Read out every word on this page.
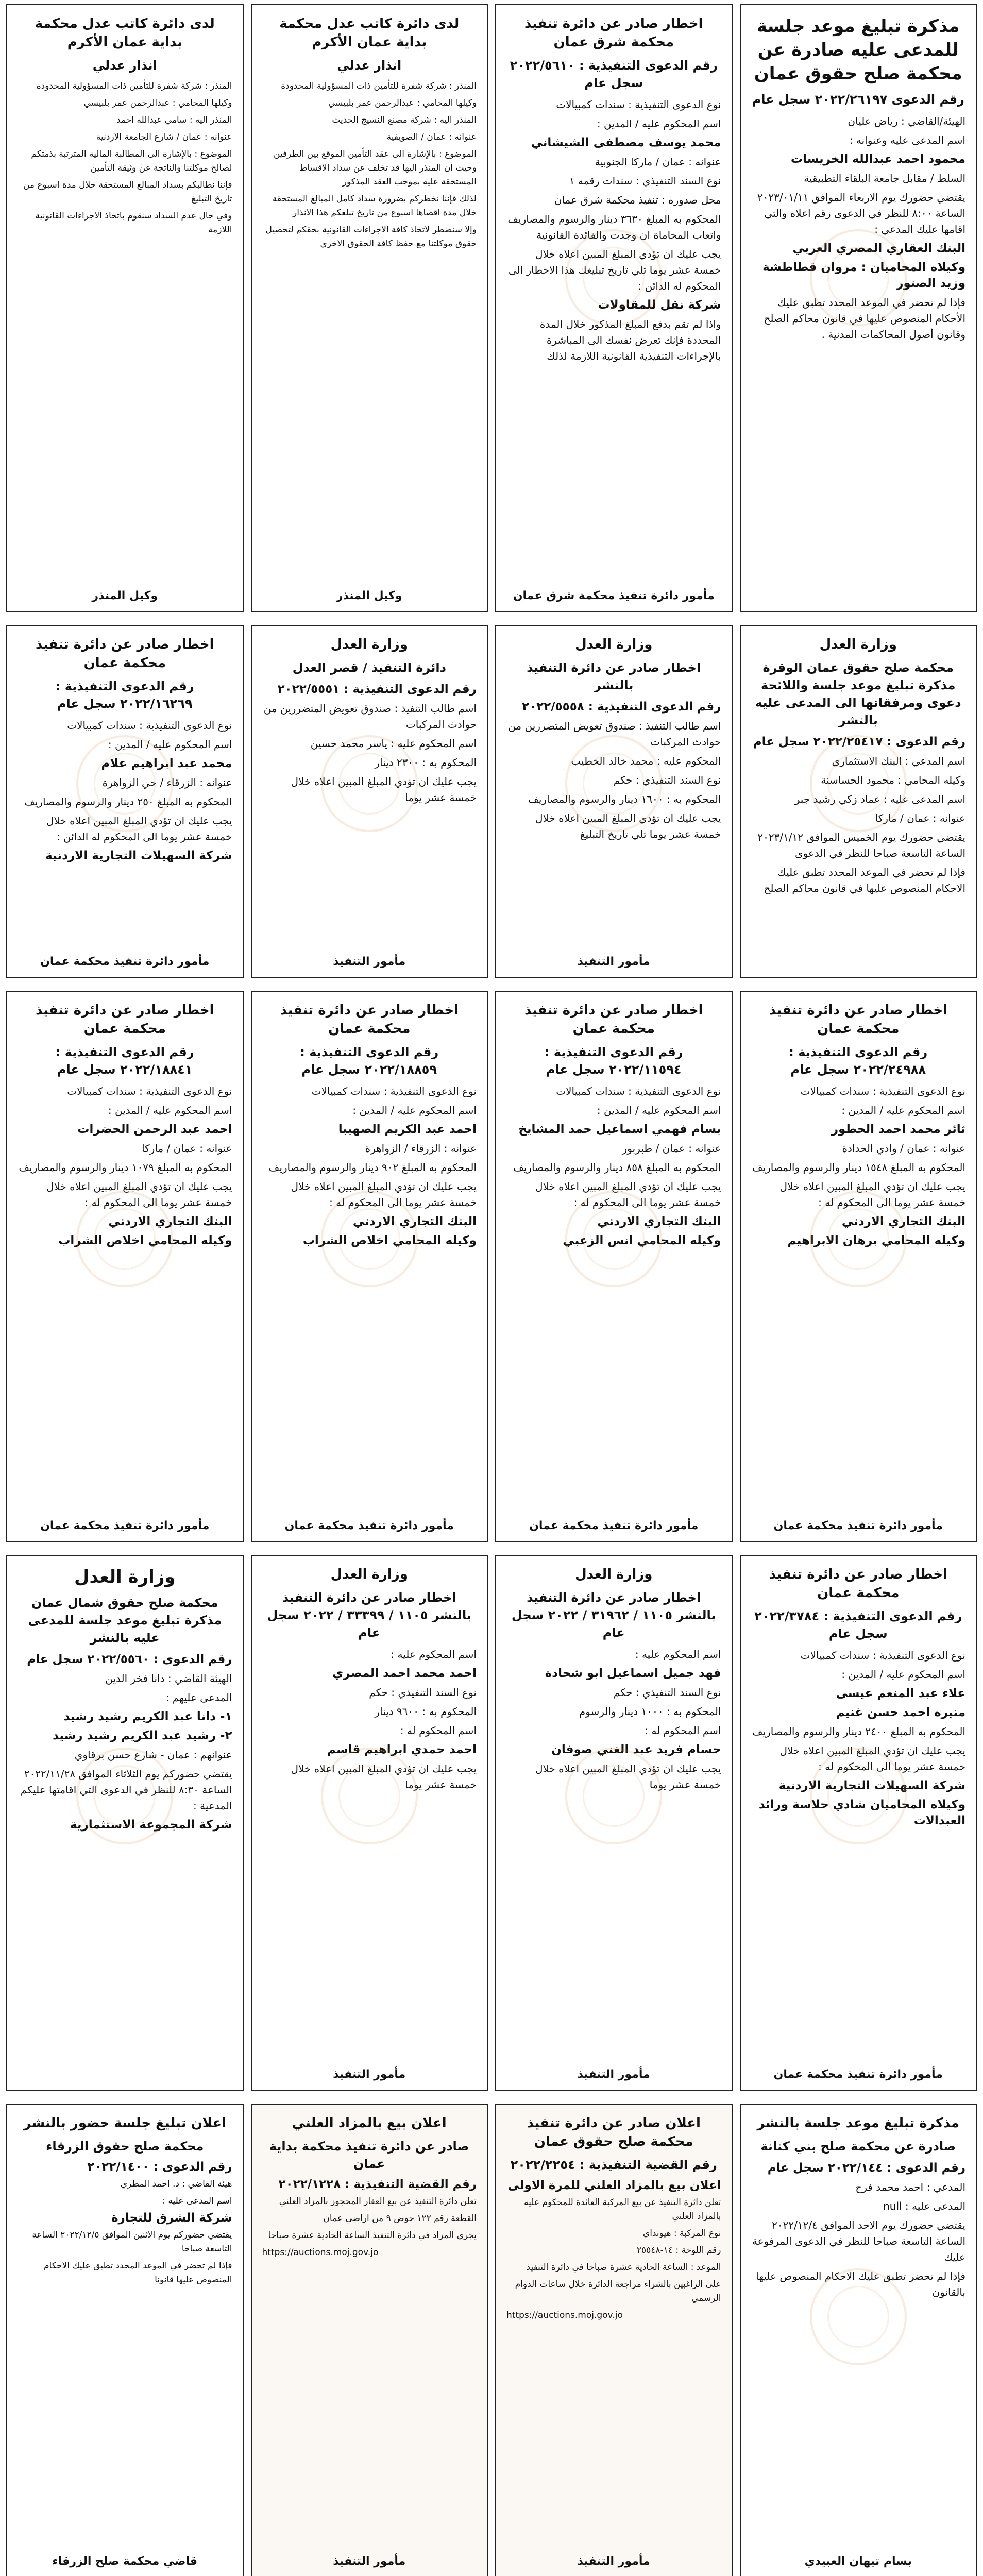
مذكرة تبليغ موعد جلسة للمدعى عليه صادرة عن محكمة صلح حقوق عمان
رقم الدعوى ٢٠٢٢/٢٦١٩٧ سجل عام

الهيئة/القاضي : رياض عليان

اسم المدعى عليه وعنوانه :

محمود احمد عبدالله الخريسات

السلط / مقابل جامعة البلقاء التطبيقية

يقتضي حضورك يوم الاربعاء الموافق ٢٠٢٣/٠١/١١ الساعة ٨:٠٠ للنظر في الدعوى رقم اعلاه والتي اقامها عليك المدعي :

البنك العقاري المصري العربي

وكيلاه المحاميان : مروان قطاطشة وزيد الصنور

فإذا لم تحضر في الموعد المحدد تطبق عليك الأحكام المنصوص عليها في قانون محاكم الصلح وقانون أصول المحاكمات المدنية .

اخطار صادر عن دائرة تنفيذ محكمة شرق عمان
رقم الدعوى التنفيذية : ٢٠٢٢/٥٦١٠ سجل عام

نوع الدعوى التنفيذية : سندات كمبيالات

اسم المحكوم عليه / المدين :

محمد يوسف مصطفى الشيشاني

عنوانه : عمان / ماركا الجنوبية

نوع السند التنفيذي : سندات رقمه ١

محل صدوره : تنفيذ محكمة شرق عمان

المحكوم به المبلغ ٣٦٣٠ دينار والرسوم والمصاريف واتعاب المحاماة ان وجدت والفائدة القانونية

يجب عليك ان تؤدي المبلغ المبين اعلاه خلال خمسة عشر يوما تلي تاريخ تبليغك هذا الاخطار الى المحكوم له الدائن :

شركة نقل للمقاولات

واذا لم تقم بدفع المبلغ المذكور خلال المدة المحددة فإنك تعرض نفسك الى المباشرة بالإجراءات التنفيذية القانونية اللازمة لذلك

مأمور دائرة تنفيذ محكمة شرق عمان
لدى دائرة كاتب عدل محكمة بداية عمان الأكرم
انذار عدلي

المنذر : شركة شفرة للتأمين ذات المسؤولية المحدودة

وكيلها المحامي : عبدالرحمن عمر بلبيسي

المنذر اليه : شركة مصنع النسيج الحديث

عنوانه : عمان / الصويفية

الموضوع : بالإشارة الى عقد التأمين الموقع بين الطرفين وحيث ان المنذر اليها قد تخلف عن سداد الاقساط المستحقة عليه بموجب العقد المذكور

لذلك فإننا نخطركم بضرورة سداد كامل المبالغ المستحقة خلال مدة اقصاها اسبوع من تاريخ تبلغكم هذا الانذار

وإلا سنضطر لاتخاذ كافة الاجراءات القانونية بحقكم لتحصيل حقوق موكلتنا مع حفظ كافة الحقوق الاخرى

وكيل المنذر
لدى دائرة كاتب عدل محكمة بداية عمان الأكرم
انذار عدلي

المنذر : شركة شفرة للتأمين ذات المسؤولية المحدودة

وكيلها المحامي : عبدالرحمن عمر بلبيسي

المنذر اليه : سامي عبدالله احمد

عنوانه : عمان / شارع الجامعة الاردنية

الموضوع : بالإشارة الى المطالبة المالية المترتبة بذمتكم لصالح موكلتنا والناتجة عن وثيقة التأمين

فإننا نطالبكم بسداد المبالغ المستحقة خلال مدة اسبوع من تاريخ التبليغ

وفي حال عدم السداد سنقوم باتخاذ الاجراءات القانونية اللازمة

وكيل المنذر
وزارة العدل
محكمة صلح حقوق عمان الوقرة مذكرة تبليغ موعد جلسة واللائحة دعوى ومرفقاتها الى المدعى عليه بالنشر

رقم الدعوى : ٢٠٢٢/٢٥٤١٧ سجل عام

اسم المدعي : البنك الاستثماري

وكيله المحامي : محمود الحساسنة

اسم المدعى عليه : عماد زكي رشيد جبر

عنوانه : عمان / ماركا

يقتضي حضورك يوم الخميس الموافق ٢٠٢٣/١/١٢ الساعة التاسعة صباحا للنظر في الدعوى

فإذا لم تحضر في الموعد المحدد تطبق عليك الاحكام المنصوص عليها في قانون محاكم الصلح

وزارة العدل
اخطار صادر عن دائرة التنفيذ بالنشر

رقم الدعوى التنفيذية : ٢٠٢٢/٥٥٥٨

اسم طالب التنفيذ : صندوق تعويض المتضررين من حوادث المركبات

المحكوم عليه : محمد خالد الخطيب

نوع السند التنفيذي : حكم

المحكوم به : ١٦٠٠ دينار والرسوم والمصاريف

يجب عليك ان تؤدي المبلغ المبين اعلاه خلال خمسة عشر يوما تلي تاريخ التبليغ

مأمور التنفيذ
وزارة العدل
دائرة التنفيذ / قصر العدل

رقم الدعوى التنفيذية : ٢٠٢٢/٥٥٥١

اسم طالب التنفيذ : صندوق تعويض المتضررين من حوادث المركبات

اسم المحكوم عليه : ياسر محمد حسين

المحكوم به : ٢٣٠٠ دينار

يجب عليك ان تؤدي المبلغ المبين اعلاه خلال خمسة عشر يوما

مأمور التنفيذ
اخطار صادر عن دائرة تنفيذ محكمة عمان
رقم الدعوى التنفيذية : ٢٠٢٢/١٦٢٦٩ سجل عام

نوع الدعوى التنفيذية : سندات كمبيالات

اسم المحكوم عليه / المدين :

محمد عبد ابراهيم علام

عنوانه : الزرقاء / حي الزواهرة

المحكوم به المبلغ ٢٥٠ دينار والرسوم والمصاريف

يجب عليك ان تؤدي المبلغ المبين اعلاه خلال خمسة عشر يوما الى المحكوم له الدائن :

شركة السهيلات التجارية الاردنية

مأمور دائرة تنفيذ محكمة عمان
اخطار صادر عن دائرة تنفيذ محكمة عمان
رقم الدعوى التنفيذية : ٢٠٢٢/٢٤٩٨٨ سجل عام

نوع الدعوى التنفيذية : سندات كمبيالات

اسم المحكوم عليه / المدين :

ثائر محمد احمد الحطور

عنوانه : عمان / وادي الحدادة

المحكوم به المبلغ ١٥٤٨ دينار والرسوم والمصاريف

يجب عليك ان تؤدي المبلغ المبين اعلاه خلال خمسة عشر يوما الى المحكوم له :

البنك التجاري الاردني

وكيله المحامي برهان الابراهيم

مأمور دائرة تنفيذ محكمة عمان
اخطار صادر عن دائرة تنفيذ محكمة عمان
رقم الدعوى التنفيذية : ٢٠٢٢/١١٥٩٤ سجل عام

نوع الدعوى التنفيذية : سندات كمبيالات

اسم المحكوم عليه / المدين :

بسام فهمي اسماعيل حمد المشايخ

عنوانه : عمان / طبربور

المحكوم به المبلغ ٨٥٨ دينار والرسوم والمصاريف

يجب عليك ان تؤدي المبلغ المبين اعلاه خلال خمسة عشر يوما الى المحكوم له :

البنك التجاري الاردني

وكيله المحامي انس الزعبي

مأمور دائرة تنفيذ محكمة عمان
اخطار صادر عن دائرة تنفيذ محكمة عمان
رقم الدعوى التنفيذية : ٢٠٢٢/١٨٨٥٩ سجل عام

نوع الدعوى التنفيذية : سندات كمبيالات

اسم المحكوم عليه / المدين :

احمد عبد الكريم الصهيبا

عنوانه : الزرقاء / الزواهرة

المحكوم به المبلغ ٩٠٢ دينار والرسوم والمصاريف

يجب عليك ان تؤدي المبلغ المبين اعلاه خلال خمسة عشر يوما الى المحكوم له :

البنك التجاري الاردني

وكيله المحامي اخلاص الشراب

مأمور دائرة تنفيذ محكمة عمان
اخطار صادر عن دائرة تنفيذ محكمة عمان
رقم الدعوى التنفيذية : ٢٠٢٢/١٨٨٤١ سجل عام

نوع الدعوى التنفيذية : سندات كمبيالات

اسم المحكوم عليه / المدين :

احمد عبد الرحمن الحضرات

عنوانه : عمان / ماركا

المحكوم به المبلغ ١٠٧٩ دينار والرسوم والمصاريف

يجب عليك ان تؤدي المبلغ المبين اعلاه خلال خمسة عشر يوما الى المحكوم له :

البنك التجاري الاردني

وكيله المحامي اخلاص الشراب

مأمور دائرة تنفيذ محكمة عمان
اخطار صادر عن دائرة تنفيذ محكمة عمان
رقم الدعوى التنفيذية : ٢٠٢٢/٣٧٨٤ سجل عام

نوع الدعوى التنفيذية : سندات كمبيالات

اسم المحكوم عليه / المدين :

علاء عبد المنعم عيسى

منيره احمد حسن غنيم

المحكوم به المبلغ ٢٤٠٠ دينار والرسوم والمصاريف

يجب عليك ان تؤدي المبلغ المبين اعلاه خلال خمسة عشر يوما الى المحكوم له :

شركة السهيلات التجارية الاردنية

وكيلاه المحاميان شادي حلاسة ورائد العبدالات

مأمور دائرة تنفيذ محكمة عمان
وزارة العدل
اخطار صادر عن دائرة التنفيذ بالنشر ١١٠٥ / ٣١٩٦٢ / ٢٠٢٢ سجل عام

اسم المحكوم عليه :

فهد جميل اسماعيل ابو شحادة

نوع السند التنفيذي : حكم

المحكوم به : ١٠٠٠ دينار والرسوم

اسم المحكوم له :

حسام فريد عبد الغني صوفان

يجب عليك ان تؤدي المبلغ المبين اعلاه خلال خمسة عشر يوما

مأمور التنفيذ
وزارة العدل
اخطار صادر عن دائرة التنفيذ بالنشر ١١٠٥ / ٣٣٣٩٩ / ٢٠٢٢ سجل عام

اسم المحكوم عليه :

احمد محمد احمد المصري

نوع السند التنفيذي : حكم

المحكوم به : ٩٦٠٠ دينار

اسم المحكوم له :

احمد حمدي ابراهيم قاسم

يجب عليك ان تؤدي المبلغ المبين اعلاه خلال خمسة عشر يوما

مأمور التنفيذ
وزارة العدل
محكمة صلح حقوق شمال عمان مذكرة تبليغ موعد جلسة للمدعى عليه بالنشر

رقم الدعوى : ٢٠٢٢/٥٥٦٠ سجل عام

الهيئة القاضي : دانا فخر الدين

المدعى عليهم :

١- دانا عبد الكريم رشيد رشيد

٢- رشيد عبد الكريم رشيد رشيد

عنوانهم : عمان - شارع حسن برقاوي

يقتضي حضوركم يوم الثلاثاء الموافق ٢٠٢٢/١١/٢٨ الساعة ٨:٣٠ للنظر في الدعوى التي اقامتها عليكم المدعية :

شركة المجموعة الاستثمارية

مذكرة تبليغ موعد جلسة بالنشر
صادرة عن محكمة صلح بني كنانة

رقم الدعوى : ٢٠٢٢/١٤٤ سجل عام

المدعي : احمد محمد فرح

المدعى عليه : null

يقتضي حضورك يوم الاحد الموافق ٢٠٢٢/١٢/٤ الساعة التاسعة صباحا للنظر في الدعوى المرفوعة عليك

فإذا لم تحضر تطبق عليك الاحكام المنصوص عليها بالقانون

بسام تيهان العبيدي
اعلان صادر عن دائرة تنفيذ محكمة صلح حقوق عمان
رقم القضية التنفيذية : ٢٠٢٢/٢٢٥٤

اعلان بيع بالمزاد العلني للمرة الاولى

تعلن دائرة التنفيذ عن بيع المركبة العائدة للمحكوم عليه بالمزاد العلني

نوع المركبة : هيونداي

رقم اللوحة : ١٤-٢٥٥٤٨

الموعد : الساعة الحادية عشرة صباحا في دائرة التنفيذ

على الراغبين بالشراء مراجعة الدائرة خلال ساعات الدوام الرسمي

https://auctions.moj.gov.jo

مأمور التنفيذ
اعلان بيع بالمزاد العلني
صادر عن دائرة تنفيذ محكمة بداية عمان

رقم القضية التنفيذية : ٢٠٢٢/١٢٢٨

تعلن دائرة التنفيذ عن بيع العقار المحجوز بالمزاد العلني

القطعة رقم ١٢٢ حوض ٩ من اراضي عمان

يجري المزاد في دائرة التنفيذ الساعة الحادية عشرة صباحا

https://auctions.moj.gov.jo

مأمور التنفيذ
اعلان تبليغ جلسة حضور بالنشر
محكمة صلح حقوق الزرقاء

رقم الدعوى : ٢٠٢٢/١٤٠٠

هيئة القاضي : د. احمد المطري

اسم المدعى عليه :

شركة الشرق للتجارة

يقتضي حضوركم يوم الاثنين الموافق ٢٠٢٢/١٢/٥ الساعة التاسعة صباحا

فإذا لم تحضر في الموعد المحدد تطبق عليك الاحكام المنصوص عليها قانونا

قاضي محكمة صلح الزرقاء
